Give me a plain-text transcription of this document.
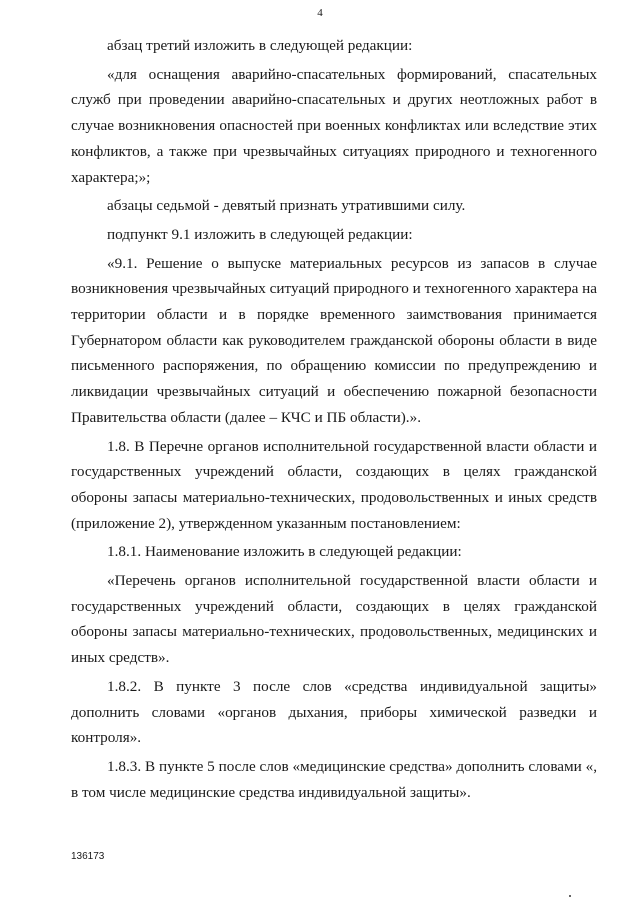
4

абзац третий изложить в следующей редакции:

«для оснащения аварийно-спасательных формирований, спасательных служб при проведении аварийно-спасательных и других неотложных работ в случае возникновения опасностей при военных конфликтах или вследствие этих конфликтов, а также при чрезвычайных ситуациях природного и техногенного характера;»;

абзацы седьмой - девятый признать утратившими силу.

подпункт 9.1 изложить в следующей редакции:

«9.1. Решение о выпуске материальных ресурсов из запасов в случае возникновения чрезвычайных ситуаций природного и техногенного характера на территории области и в порядке временного заимствования принимается Губернатором области как руководителем гражданской обороны области в виде письменного распоряжения, по обращению комиссии по предупреждению и ликвидации чрезвычайных ситуаций и обеспечению пожарной безопасности Правительства области (далее – КЧС и ПБ области).».

1.8. В Перечне органов исполнительной государственной власти области и государственных учреждений области, создающих в целях гражданской обороны запасы материально-технических, продовольственных и иных средств (приложение 2), утвержденном указанным постановлением:

1.8.1. Наименование изложить в следующей редакции:

«Перечень органов исполнительной государственной власти области и государственных учреждений области, создающих в целях гражданской обороны запасы материально-технических, продовольственных, медицинских и иных средств».

1.8.2. В пункте 3 после слов «средства индивидуальной защиты» дополнить словами «органов дыхания, приборы химической разведки и контроля».

1.8.3. В пункте 5 после слов «медицинские средства» дополнить словами «, в том числе медицинские средства индивидуальной защиты».

136173
